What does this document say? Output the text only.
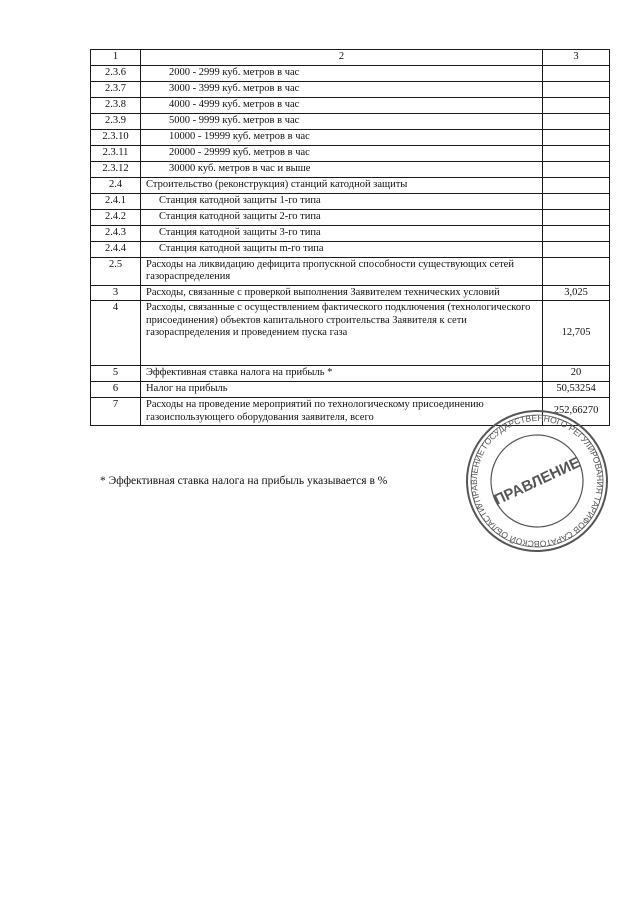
1	2	3
2.3.6	2000 - 2999 куб. метров в час	
2.3.7	3000 - 3999 куб. метров в час	
2.3.8	4000 - 4999 куб. метров в час	
2.3.9	5000 - 9999 куб. метров в час	
2.3.10	10000 - 19999 куб. метров в час	
2.3.11	20000 - 29999 куб. метров в час	
2.3.12	30000 куб. метров в час и выше	
2.4	Строительство (реконструкция) станций катодной защиты	
2.4.1	Станция катодной защиты 1-го типа	
2.4.2	Станция катодной защиты 2-го типа	
2.4.3	Станция катодной защиты 3-го типа	
2.4.4	Станция катодной защиты m-го типа	
2.5	Расходы на ликвидацию дефицита пропускной способности существующих сетей газораспределения	
3	Расходы, связанные с проверкой выполнения Заявителем технических условий	3,025
4	Расходы, связанные с осуществлением фактического подключения (технологического присоединения) объектов капитального строительства Заявителя к сети газораспределения и проведением пуска газа	12,705
5	Эффективная ставка налога на прибыль *	20
6	Налог на прибыль	50,53254
7	Расходы на проведение мероприятий по технологическому присоединению газоиспользующего оборудования заявителя, всего	252,66270
* Эффективная ставка налога на прибыль указывается в %
УПРАВЛЕНИЕ ГОСУДАРСТВЕННОГО РЕГУЛИРОВАНИЯ ТАРИФОВ САРАТОВСКОЙ ОБЛАСТИ
ПРАВЛЕНИЕ
